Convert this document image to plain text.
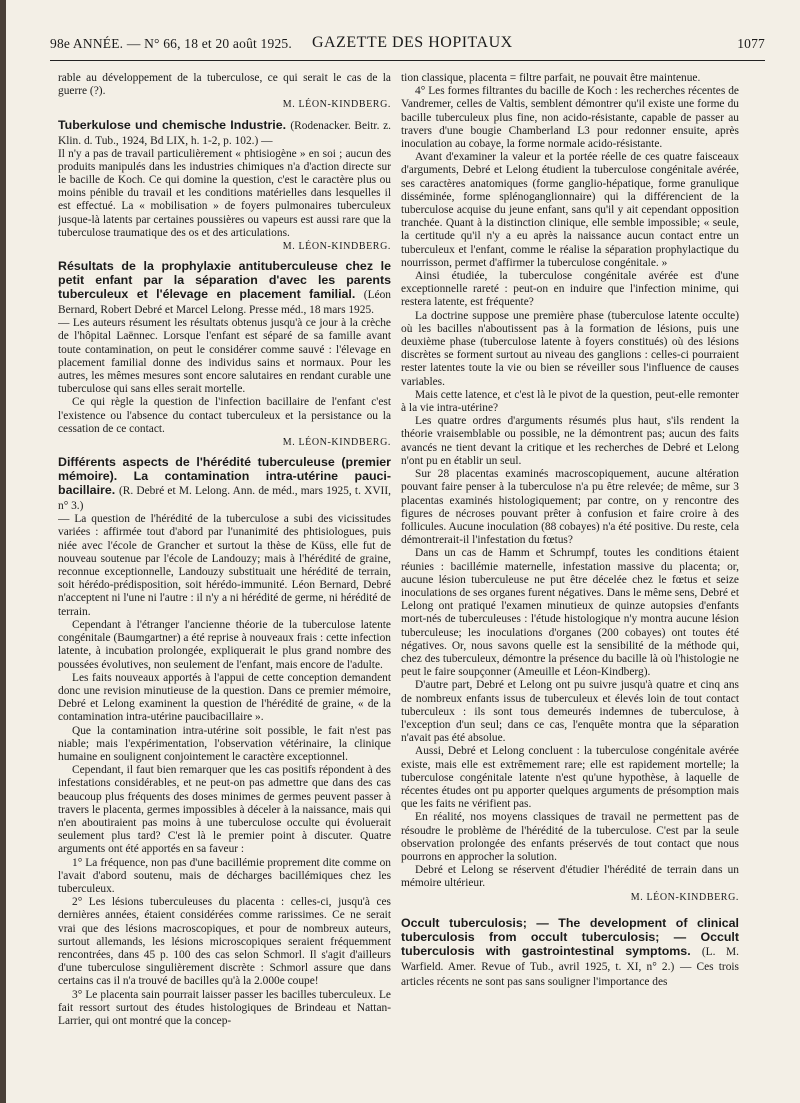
98e ANNÉE. — N° 66, 18 et 20 août 1925. GAZETTE DES HOPITAUX	1077

rable au développement de la tuberculose, ce qui serait le cas de la guerre (?).

M. LÉON-KINDBERG.

Tuberkulose und chemische Industrie. (Rodenacker. Beitr. z. Klin. d. Tub., 1924, Bd LIX, h. 1-2, p. 102.) —

Il n'y a pas de travail particulièrement « phtisiogène » en soi ; aucun des produits manipulés dans les industries chimiques n'a d'action directe sur le bacille de Koch. Ce qui domine la question, c'est le caractère plus ou moins pénible du travail et les conditions matérielles dans lesquelles il est effectué. La « mobilisation » de foyers pulmonaires tuberculeux jusque-là latents par certaines poussières ou vapeurs est aussi rare que la tuberculose traumatique des os et des articulations.

M. LÉON-KINDBERG.

Résultats de la prophylaxie antituberculeuse chez le petit enfant par la séparation d'avec les parents tuberculeux et l'élevage en placement familial. (Léon Bernard, Robert Debré et Marcel Lelong. Presse méd., 18 mars 1925.

— Les auteurs résument les résultats obtenus jusqu'à ce jour à la crèche de l'hôpital Laënnec. Lorsque l'enfant est séparé de sa famille avant toute contamination, on peut le considérer comme sauvé : l'élevage en placement familial donne des individus sains et normaux. Pour les autres, les mêmes mesures sont encore salutaires en rendant curable une tuberculose qui sans elles serait mortelle.

Ce qui règle la question de l'infection bacillaire de l'enfant c'est l'existence ou l'absence du contact tuberculeux et la persistance ou la cessation de ce contact.

M. LÉON-KINDBERG.

Différents aspects de l'hérédité tuberculeuse (premier mémoire). La contamination intra-utérine pauci-bacillaire. (R. Debré et M. Lelong. Ann. de méd., mars 1925, t. XVII, n° 3.)

— La question de l'hérédité de la tuberculose a subi des vicissitudes variées : affirmée tout d'abord par l'unanimité des phtisiologues, puis niée avec l'école de Grancher et surtout la thèse de Küss, elle fut de nouveau soutenue par l'école de Landouzy; mais à l'hérédité de graine, reconnue exceptionnelle, Landouzy substituait une hérédité de terrain, soit hérédo-prédisposition, soit hérédo-immunité. Léon Bernard, Debré n'acceptent ni l'une ni l'autre : il n'y a ni hérédité de germe, ni hérédité de terrain.

Cependant à l'étranger l'ancienne théorie de la tuberculose latente congénitale (Baumgartner) a été reprise à nouveaux frais : cette infection latente, à incubation prolongée, expliquerait le plus grand nombre des poussées évolutives, non seulement de l'enfant, mais encore de l'adulte.

Les faits nouveaux apportés à l'appui de cette conception demandent donc une revision minutieuse de la question. Dans ce premier mémoire, Debré et Lelong examinent la question de l'hérédité de graine, « de la contamination intra-utérine paucibacillaire ».

Que la contamination intra-utérine soit possible, le fait n'est pas niable; mais l'expérimentation, l'observation vétérinaire, la clinique humaine en soulignent conjointement le caractère exceptionnel.

Cependant, il faut bien remarquer que les cas positifs répondent à des infestations considérables, et ne peut-on pas admettre que dans des cas beaucoup plus fréquents des doses minimes de germes peuvent passer à travers le placenta, germes impossibles à déceler à la naissance, mais qui n'en aboutiraient pas moins à une tuberculose occulte qui évoluerait seulement plus tard? C'est là le premier point à discuter. Quatre arguments ont été apportés en sa faveur :

1° La fréquence, non pas d'une bacillémie proprement dite comme on l'avait d'abord soutenu, mais de décharges bacillémiques chez les tuberculeux.

2° Les lésions tuberculeuses du placenta : celles-ci, jusqu'à ces dernières années, étaient considérées comme rarissimes. Ce ne serait vrai que des lésions macroscopiques, et pour de nombreux auteurs, surtout allemands, les lésions microscopiques seraient fréquemment rencontrées, dans 45 p. 100 des cas selon Schmorl. Il s'agit d'ailleurs d'une tuberculose singulièrement discrète : Schmorl assure que dans certains cas il n'a trouvé de bacilles qu'à la 2.000e coupe!

3° Le placenta sain pourrait laisser passer les bacilles tuberculeux. Le fait ressort surtout des études histologiques de Brindeau et Nattan-Larrier, qui ont montré que la concep-

tion classique, placenta = filtre parfait, ne pouvait être maintenue.

4° Les formes filtrantes du bacille de Koch : les recherches récentes de Vandremer, celles de Valtis, semblent démontrer qu'il existe une forme du bacille tuberculeux plus fine, non acido-résistante, capable de passer au travers d'une bougie Chamberland L3 pour redonner ensuite, après inoculation au cobaye, la forme normale acido-résistante.

Avant d'examiner la valeur et la portée réelle de ces quatre faisceaux d'arguments, Debré et Lelong étudient la tuberculose congénitale avérée, ses caractères anatomiques (forme ganglio-hépatique, forme granulique disséminée, forme splénoganglionnaire) qui la différencient de la tuberculose acquise du jeune enfant, sans qu'il y ait cependant opposition tranchée. Quant à la distinction clinique, elle semble impossible; « seule, la certitude qu'il n'y a eu après la naissance aucun contact entre un tuberculeux et l'enfant, comme le réalise la séparation prophylactique du nourrisson, permet d'affirmer la tuberculose congénitale. »

Ainsi étudiée, la tuberculose congénitale avérée est d'une exceptionnelle rareté : peut-on en induire que l'infection minime, qui restera latente, est fréquente?

La doctrine suppose une première phase (tuberculose latente occulte) où les bacilles n'aboutissent pas à la formation de lésions, puis une deuxième phase (tuberculose latente à foyers constitués) où des lésions discrètes se forment surtout au niveau des ganglions : celles-ci pourraient rester latentes toute la vie ou bien se réveiller sous l'influence de causes variables.

Mais cette latence, et c'est là le pivot de la question, peut-elle remonter à la vie intra-utérine?

Les quatre ordres d'arguments résumés plus haut, s'ils rendent la théorie vraisemblable ou possible, ne la démontrent pas; aucun des faits avancés ne tient devant la critique et les recherches de Debré et Lelong n'ont pu en établir un seul.

Sur 28 placentas examinés macroscopiquement, aucune altération pouvant faire penser à la tuberculose n'a pu être relevée; de même, sur 3 placentas examinés histologiquement; par contre, on y rencontre des figures de nécroses pouvant prêter à confusion et faire croire à des follicules. Aucune inoculation (88 cobayes) n'a été positive. Du reste, cela démontrerait-il l'infestation du fœtus?

Dans un cas de Hamm et Schrumpf, toutes les conditions étaient réunies : bacillémie maternelle, infestation massive du placenta; or, aucune lésion tuberculeuse ne put être décelée chez le fœtus et seize inoculations de ses organes furent négatives. Dans le même sens, Debré et Lelong ont pratiqué l'examen minutieux de quinze autopsies d'enfants mort-nés de tuberculeuses : l'étude histologique n'y montra aucune lésion tuberculeuse; les inoculations d'organes (200 cobayes) ont toutes été négatives. Or, nous savons quelle est la sensibilité de la méthode qui, chez des tuberculeux, démontre la présence du bacille là où l'histologie ne peut le faire soupçonner (Ameuille et Léon-Kindberg).

D'autre part, Debré et Lelong ont pu suivre jusqu'à quatre et cinq ans de nombreux enfants issus de tuberculeux et élevés loin de tout contact tuberculeux : ils sont tous demeurés indemnes de tuberculose, à l'exception d'un seul; dans ce cas, l'enquête montra que la séparation n'avait pas été absolue.

Aussi, Debré et Lelong concluent : la tuberculose congénitale avérée existe, mais elle est extrêmement rare; elle est rapidement mortelle; la tuberculose congénitale latente n'est qu'une hypothèse, à laquelle de récentes études ont pu apporter quelques arguments de présomption mais que les faits ne vérifient pas.

En réalité, nos moyens classiques de travail ne permettent pas de résoudre le problème de l'hérédité de la tuberculose. C'est par la seule observation prolongée des enfants préservés de tout contact que nous pourrons en approcher la solution.

Debré et Lelong se réservent d'étudier l'hérédité de terrain dans un mémoire ultérieur.

M. LÉON-KINDBERG.

Occult tuberculosis; — The development of clinical tuberculosis from occult tuberculosis; — Occult tuberculosis with gastrointestinal symptoms. (L. M. Warfield. Amer. Revue of Tub., avril 1925, t. XI, n° 2.) — Ces trois articles récents ne sont pas sans souligner l'importance des
